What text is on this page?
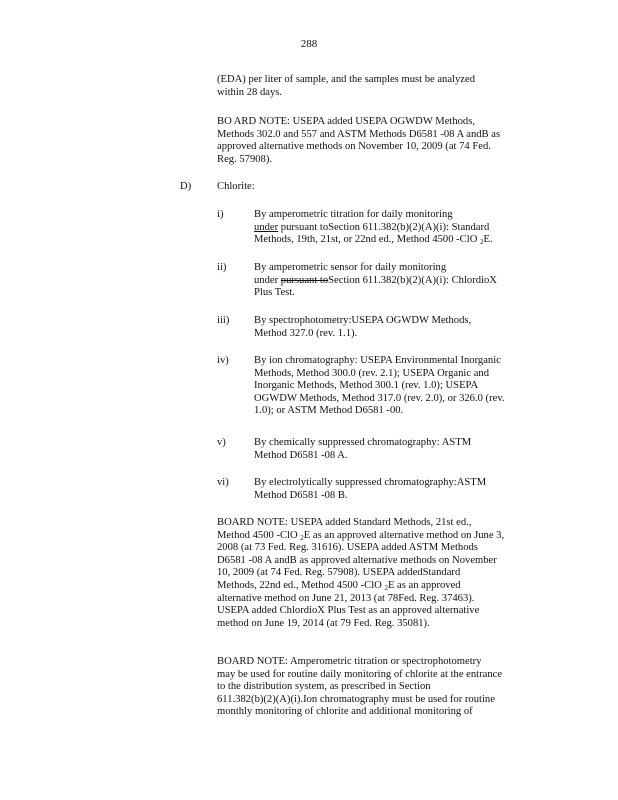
288
(EDA) per liter of sample, and the samples must be analyzed
within 28 days.
BO ARD NOTE: USEPA added USEPA OGWDW Methods,
Methods 302.0 and 557 and ASTM Methods D6581 -08 A andB as
approved alternative methods on November 10, 2009 (at 74 Fed.
Reg. 57908).
D) Chlorite:
i)	By amperometric titration for daily monitoring
under pursuant toSection 611.382(b)(2)(A)(i): Standard
Methods, 19th, 21st, or 22nd ed., Method 4500 -ClO $_2$E.
ii)	By amperometric sensor for daily monitoring
under pursuant toSection 611.382(b)(2)(A)(i): ChlordioX
Plus Test.
iii) By spectrophotometry:USEPA OGWDW Methods,
Method 327.0 (rev. 1.1).
iv) By ion chromatography: USEPA Environmental Inorganic
Methods, Method 300.0 (rev. 2.1); USEPA Organic and
Inorganic Methods, Method 300.1 (rev. 1.0); USEPA
OGWDW Methods, Method 317.0 (rev. 2.0), or 326.0 (rev.
1.0); or ASTM Method D6581 -00.
v)	By chemically suppressed chromatography: ASTM
Method D6581 -08 A.
vi) By electrolytically suppressed chromatography:ASTM
Method D6581 -08 B.
BOARD NOTE: USEPA added Standard Methods, 21st ed.,
Method 4500 -ClO $_2$E as an approved alternative method on June 3,
2008 (at 73 Fed. Reg. 31616). USEPA added ASTM Methods
D6581 -08 A andB as approved alternative methods on November
10, 2009 (at 74 Fed. Reg. 57908). USEPA addedStandard
Methods, 22nd ed., Method 4500 -ClO $_2$E as an approved
alternative method on June 21, 2013 (at 78Fed. Reg. 37463).
USEPA added ChlordioX Plus Test as an approved alternative
method on June 19, 2014 (at 79 Fed. Reg. 35081).
BOARD NOTE: Amperometric titration or spectrophotometry
may be used for routine daily monitoring of chlorite at the entrance
to the distribution system, as prescribed in Section
611.382(b)(2)(A)(i).Ion chromatography must be used for routine
monthly monitoring of chlorite and additional monitoring of
